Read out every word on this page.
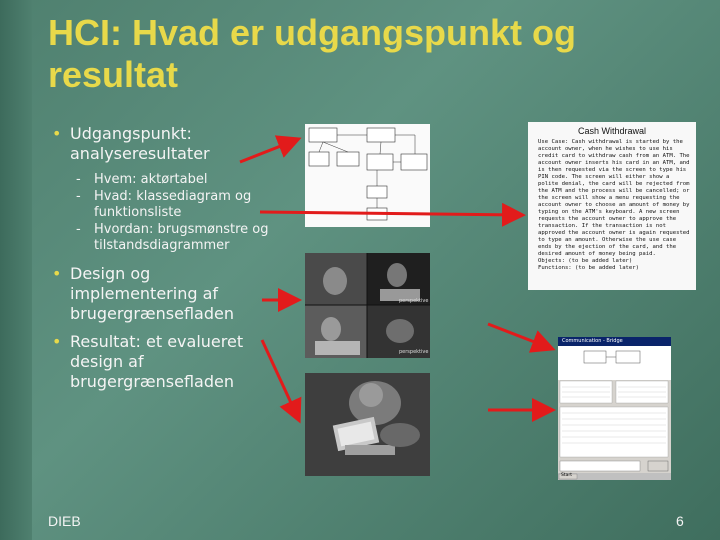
HCI: Hvad er udgangspunkt og resultat
• Udgangspunkt: analyseresultater
- Hvem: aktørtabel
- Hvad: klassediagram og funktionsliste
- Hvordan: brugsmønstre og tilstandsdiagrammer
• Design og implementering af brugergrænsefladen
• Resultat: et evalueret design af brugergrænsefladen
Cash Withdrawal
Use Case: Cash withdrawal is started by the account owner, when he wishes to use his credit card to withdraw cash from an ATM. The account owner inserts his card in an ATM, and is then requested via the screen to type his PIN code. The screen will either show a polite denial, the card will be rejected from the ATM and the process will be cancelled; or the screen will show a menu requesting the account owner to choose an amount of money by typing on the ATM's keyboard. A new screen requests the account owner to approve the transaction. If the transaction is not approved the account owner is again requested to type an amount. Otherwise the use case ends by the ejection of the card, and the desired amount of money being paid.
Objects: (to be added later)
Functions: (to be added later)
perspektive
perspektive
Communication - Bridge
Start
DIEB	6
